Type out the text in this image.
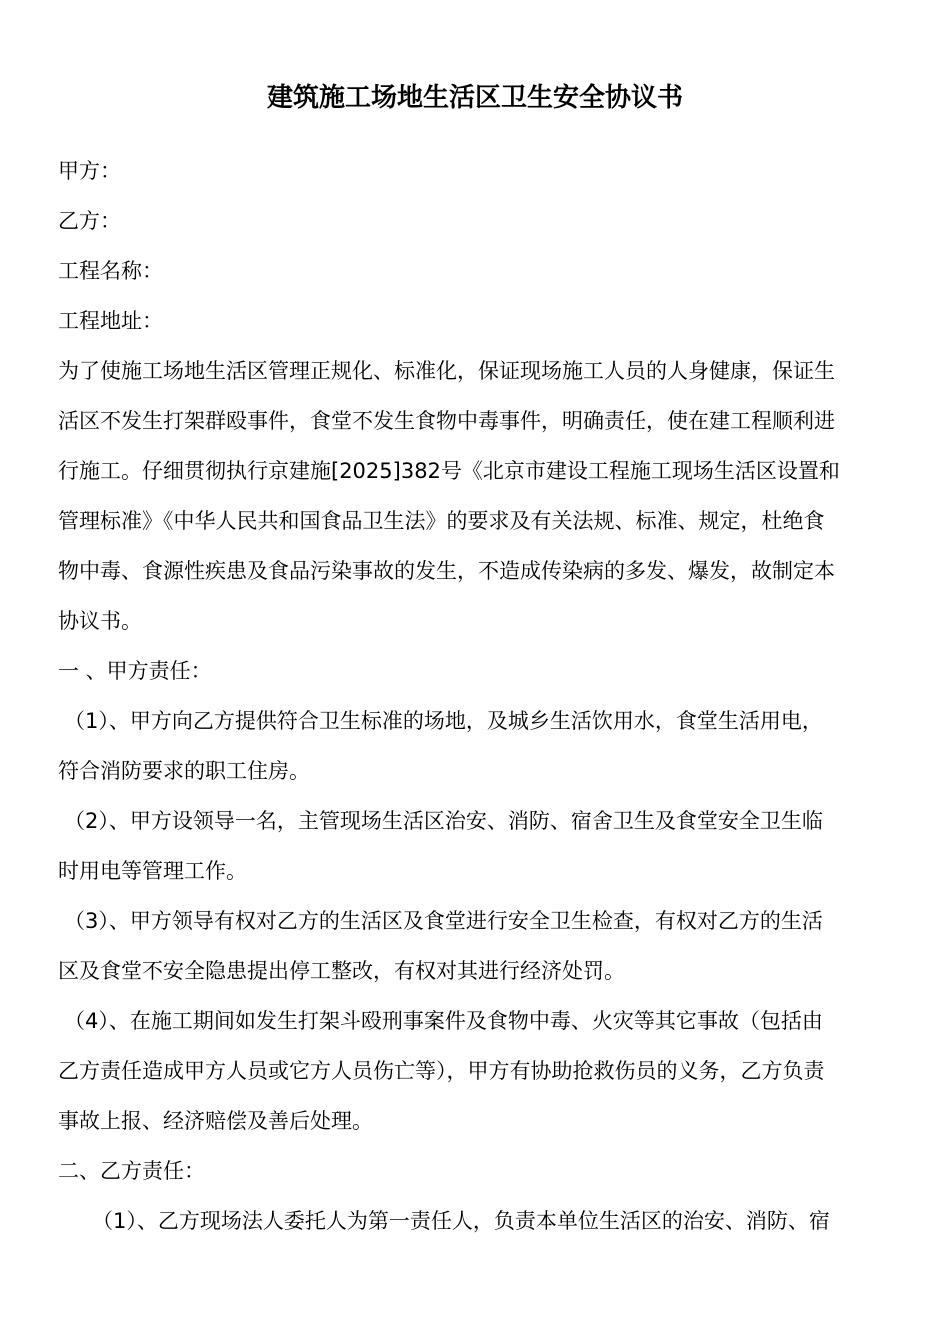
建筑施工场地生活区卫生安全协议书

甲方：

乙方：

工程名称：

工程地址：

为了使施工场地生活区管理正规化、标准化，保证现场施工人员的人身健康，保证生

活区不发生打架群殴事件，食堂不发生食物中毒事件，明确责任，使在建工程顺利进

行施工。仔细贯彻执行京建施[2025]382号《北京市建设工程施工现场生活区设置和

管理标准》《中华人民共和国食品卫生法》的要求及有关法规、标准、规定，杜绝食

物中毒、食源性疾患及食品污染事故的发生，不造成传染病的多发、爆发，故制定本

协议书。

一 、甲方责任：

（1）、甲方向乙方提供符合卫生标准的场地，及城乡生活饮用水，食堂生活用电，

符合消防要求的职工住房。

（2）、甲方设领导一名，主管现场生活区治安、消防、宿舍卫生及食堂安全卫生临

时用电等管理工作。

（3）、甲方领导有权对乙方的生活区及食堂进行安全卫生检查，有权对乙方的生活

区及食堂不安全隐患提出停工整改，有权对其进行经济处罚。

（4）、在施工期间如发生打架斗殴刑事案件及食物中毒、火灾等其它事故（包括由

乙方责任造成甲方人员或它方人员伤亡等），甲方有协助抢救伤员的义务，乙方负责

事故上报、经济赔偿及善后处理。

二、乙方责任：

（1）、乙方现场法人委托人为第一责任人，负责本单位生活区的治安、消防、宿
